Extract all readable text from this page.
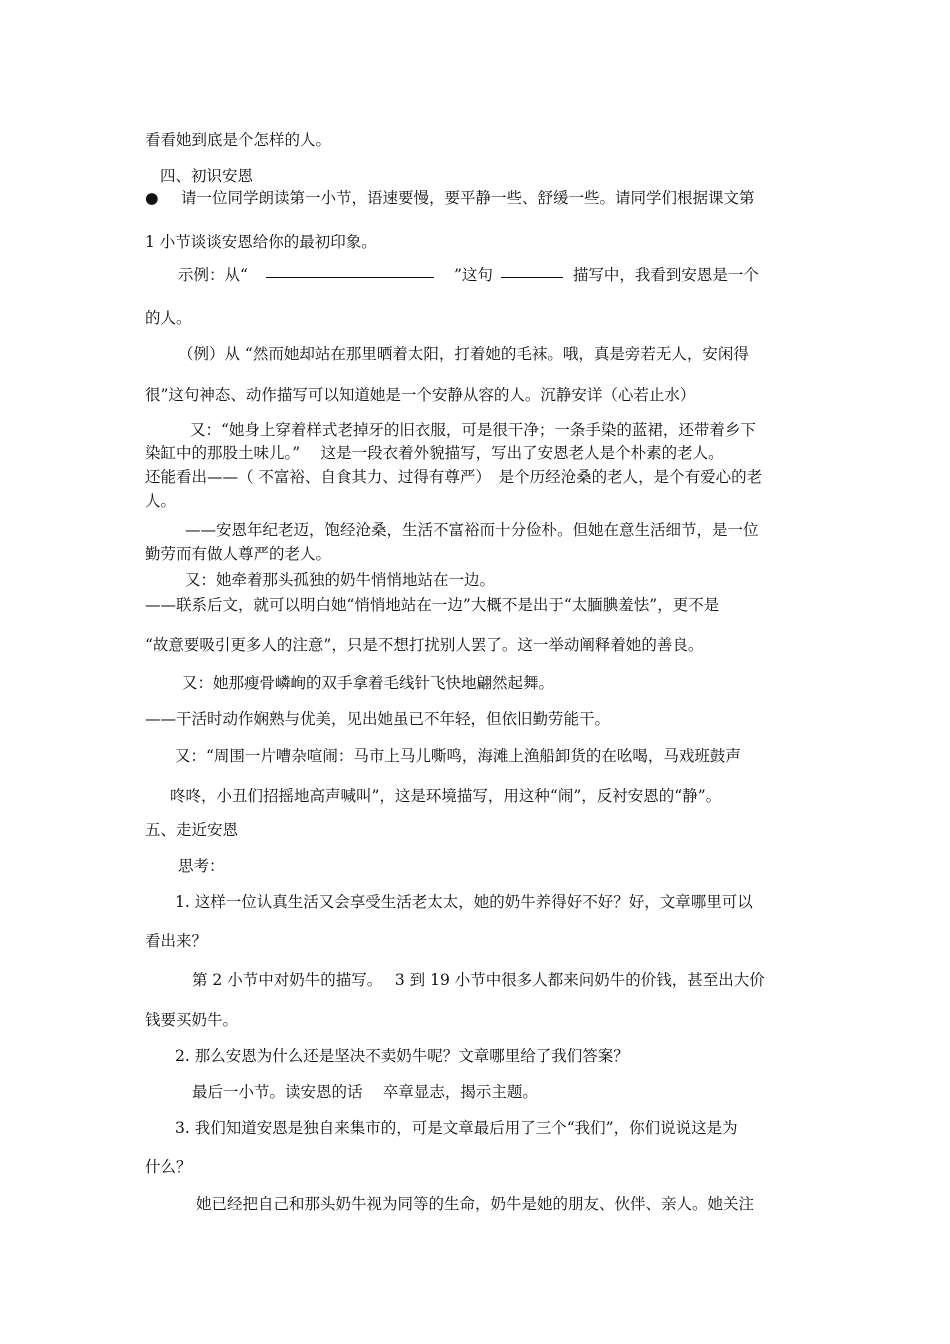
看看她到底是个怎样的人。
四、初识安恩
● 请一位同学朗读第一小节，语速要慢，要平静一些、舒缓一些。请同学们根据课文第
1 小节谈谈安恩给你的最初印象。
示例：从“	”这句	描写中，我看到安恩是一个
的人。
（例）从 “然而她却站在那里晒着太阳，打着她的毛袜。哦，真是旁若无人，安闲得
很”这句神态、动作描写可以知道她是一个安静从容的人。沉静安详（心若止水）
又：“她身上穿着样式老掉牙的旧衣服，可是很干净；一条手染的蓝裙，还带着乡下
染缸中的那股土味儿。”　 这是一段衣着外貌描写，写出了安恩老人是个朴素的老人。
还能看出——（ 不富裕、自食其力、过得有尊严）　是个历经沧桑的老人，是个有爱心的老
人。
——安恩年纪老迈，饱经沧桑，生活不富裕而十分俭朴。但她在意生活细节，是一位
勤劳而有做人尊严的老人。
又：她牵着那头孤独的奶牛悄悄地站在一边。
——联系后文，就可以明白她“悄悄地站在一边”大概不是出于“太腼腆羞怯”，更不是
“故意要吸引更多人的注意”，只是不想打扰别人罢了。这一举动阐释着她的善良。
又：她那瘦骨嶙峋的双手拿着毛线针飞快地翩然起舞。
——干活时动作娴熟与优美，见出她虽已不年轻，但依旧勤劳能干。
又：“周围一片嘈杂喧闹：马市上马儿嘶鸣，海滩上渔船卸货的在吆喝，马戏班鼓声
咚咚，小丑们招摇地高声喊叫”，这是环境描写，用这种“闹”，反衬安恩的“静”。
五、走近安恩
思考：
1. 这样一位认真生活又会享受生活老太太，她的奶牛养得好不好？好，文章哪里可以
看出来？
第 2 小节中对奶牛的描写。　 3 到 19 小节中很多人都来问奶牛的价钱，甚至出大价
钱要买奶牛。
2. 那么安恩为什么还是坚决不卖奶牛呢？文章哪里给了我们答案？
最后一小节。读安恩的话　 卒章显志，揭示主题。
3. 我们知道安恩是独自来集市的，可是文章最后用了三个“我们”，你们说说这是为
什么？
她已经把自己和那头奶牛视为同等的生命，奶牛是她的朋友、伙伴、亲人。她关注
